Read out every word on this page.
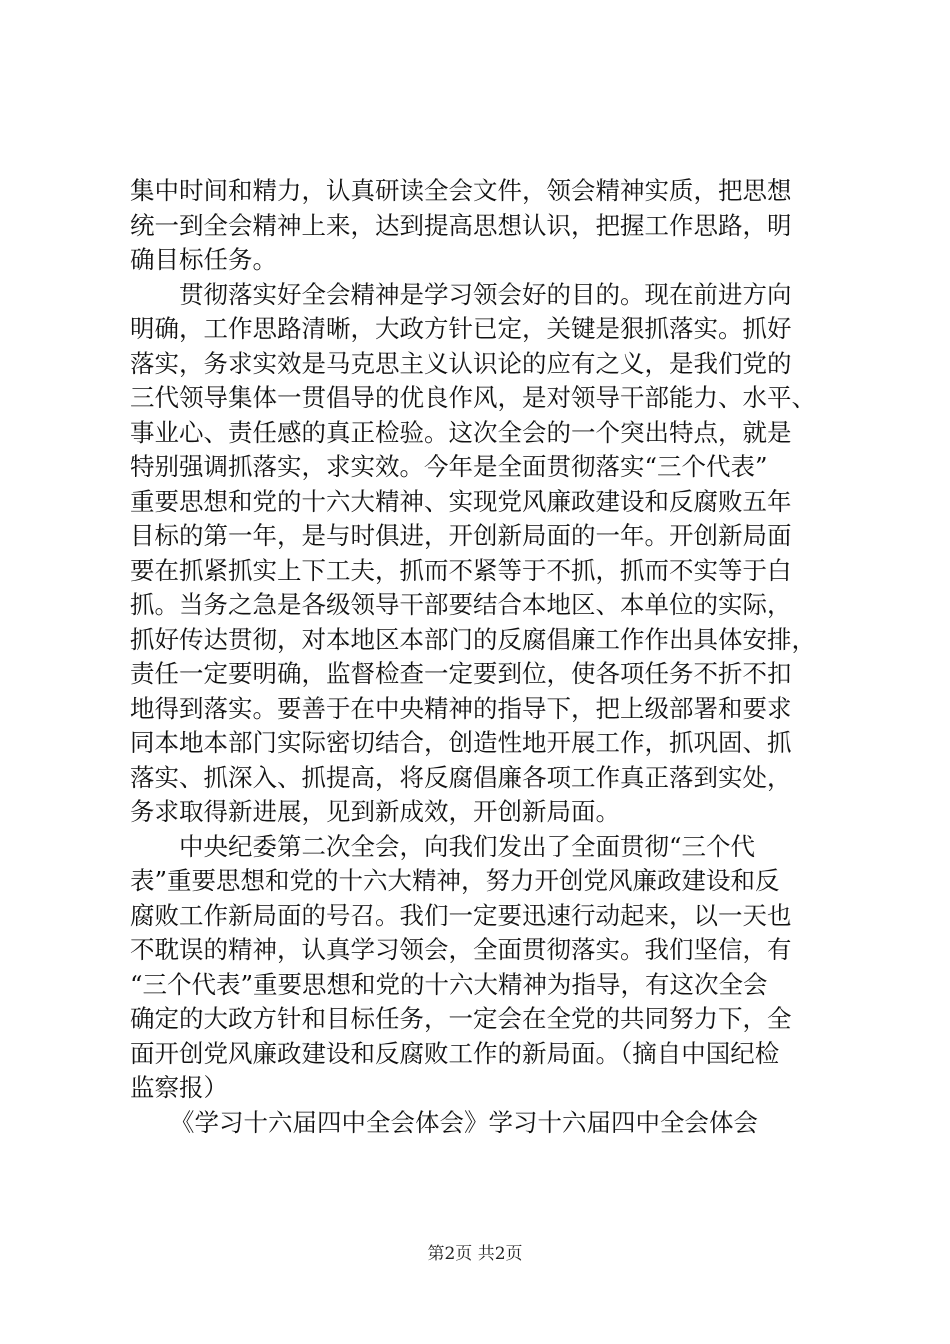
集中时间和精力，认真研读全会文件，领会精神实质，把思想
统一到全会精神上来，达到提高思想认识，把握工作思路，明
确目标任务。
贯彻落实好全会精神是学习领会好的目的。现在前进方向
明确，工作思路清晰，大政方针已定，关键是狠抓落实。抓好
落实，务求实效是马克思主义认识论的应有之义，是我们党的
三代领导集体一贯倡导的优良作风，是对领导干部能力、水平、
事业心、责任感的真正检验。这次全会的一个突出特点，就是
特别强调抓落实，求实效。今年是全面贯彻落实“三个代表”
重要思想和党的十六大精神、实现党风廉政建设和反腐败五年
目标的第一年，是与时俱进，开创新局面的一年。开创新局面
要在抓紧抓实上下工夫，抓而不紧等于不抓，抓而不实等于白
抓。当务之急是各级领导干部要结合本地区、本单位的实际，
抓好传达贯彻，对本地区本部门的反腐倡廉工作作出具体安排，
责任一定要明确，监督检查一定要到位，使各项任务不折不扣
地得到落实。要善于在中央精神的指导下，把上级部署和要求
同本地本部门实际密切结合，创造性地开展工作，抓巩固、抓
落实、抓深入、抓提高，将反腐倡廉各项工作真正落到实处，
务求取得新进展，见到新成效，开创新局面。
中央纪委第二次全会，向我们发出了全面贯彻“三个代
表”重要思想和党的十六大精神，努力开创党风廉政建设和反
腐败工作新局面的号召。我们一定要迅速行动起来，以一天也
不耽误的精神，认真学习领会，全面贯彻落实。我们坚信，有
“三个代表”重要思想和党的十六大精神为指导，有这次全会
确定的大政方针和目标任务，一定会在全党的共同努力下，全
面开创党风廉政建设和反腐败工作的新局面。（摘自中国纪检
监察报）
《学习十六届四中全会体会》学习十六届四中全会体会
第2页 共2页
